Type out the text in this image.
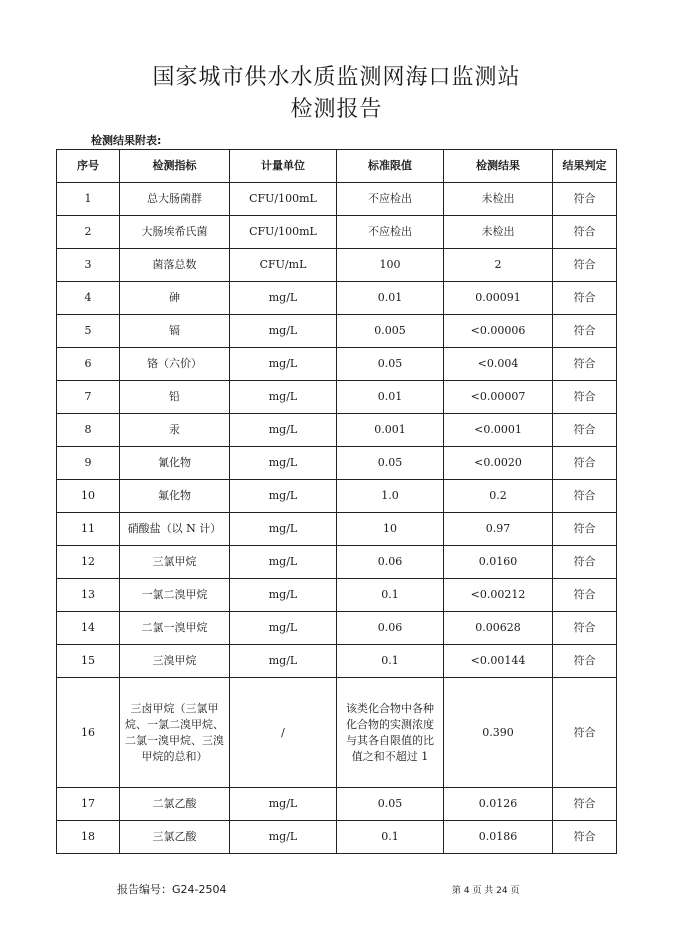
国家城市供水水质监测网海口监测站
检测报告
检测结果附表:
序号	检测指标	计量单位	标准限值	检测结果	结果判定
1	总大肠菌群	CFU/100mL	不应检出	未检出	符合
2	大肠埃希氏菌	CFU/100mL	不应检出	未检出	符合
3	菌落总数	CFU/mL	100	2	符合
4	砷	mg/L	0.01	0.00091	符合
5	镉	mg/L	0.005	<0.00006	符合
6	铬（六价）	mg/L	0.05	<0.004	符合
7	铅	mg/L	0.01	<0.00007	符合
8	汞	mg/L	0.001	<0.0001	符合
9	氰化物	mg/L	0.05	<0.0020	符合
10	氟化物	mg/L	1.0	0.2	符合
11	硝酸盐（以 N 计）	mg/L	10	0.97	符合
12	三氯甲烷	mg/L	0.06	0.0160	符合
13	一氯二溴甲烷	mg/L	0.1	<0.00212	符合
14	二氯一溴甲烷	mg/L	0.06	0.00628	符合
15	三溴甲烷	mg/L	0.1	<0.00144	符合
16	三卤甲烷（三氯甲烷、一氯二溴甲烷、二氯一溴甲烷、三溴甲烷的总和）	/	该类化合物中各种化合物的实测浓度与其各自限值的比值之和不超过 1	0.390	符合
17	二氯乙酸	mg/L	0.05	0.0126	符合
18	三氯乙酸	mg/L	0.1	0.0186	符合
报告编号：G24-2504	第 4 页 共 24 页
